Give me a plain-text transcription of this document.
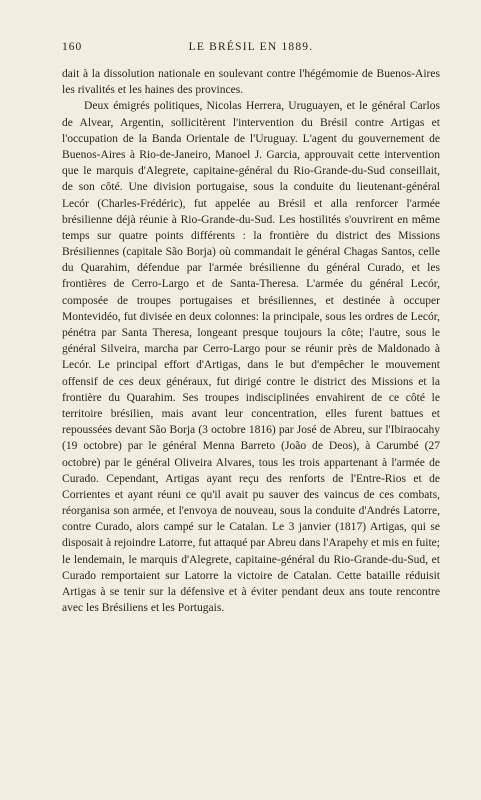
160	LE BRÉSIL EN 1889.

dait à la dissolution nationale en soulevant contre l'hégémomie de Buenos-Aires les rivalités et les haines des provinces.

Deux émigrés politiques, Nicolas Herrera, Uruguayen, et le général Carlos de Alvear, Argentin, sollicitèrent l'intervention du Brésil contre Artigas et l'occupation de la Banda Orientale de l'Uruguay. L'agent du gouvernement de Buenos-Aires à Rio-de-Janeiro, Manoel J. Garcia, approuvait cette intervention que le marquis d'Alegrete, capitaine-général du Rio-Grande-du-Sud conseillait, de son côté. Une division portugaise, sous la conduite du lieutenant-général Lecór (Charles-Frédéric), fut appelée au Brésil et alla renforcer l'armée brésilienne déjà réunie à Rio-Grande-du-Sud. Les hostilités s'ouvrirent en même temps sur quatre points différents : la frontière du district des Missions Brésiliennes (capitale São Borja) où commandait le général Chagas Santos, celle du Quarahim, défendue par l'armée brésilienne du général Curado, et les frontières de Cerro-Largo et de Santa-Theresa. L'armée du général Lecór, composée de troupes portugaises et brésiliennes, et destinée à occuper Montevidéo, fut divisée en deux colonnes: la principale, sous les ordres de Lecór, pénétra par Santa Theresa, longeant presque toujours la côte; l'autre, sous le général Silveira, marcha par Cerro-Largo pour se réunir près de Maldonado à Lecór. Le principal effort d'Artigas, dans le but d'empêcher le mouvement offensif de ces deux généraux, fut dirigé contre le district des Missions et la frontière du Quarahim. Ses troupes indisciplinées envahirent de ce côté le territoire brésilien, mais avant leur concentration, elles furent battues et repoussées devant São Borja (3 octobre 1816) par José de Abreu, sur l'Ibiraocahy (19 octobre) par le général Menna Barreto (João de Deos), à Carumbé (27 octobre) par le général Oliveira Alvares, tous les trois appartenant à l'armée de Curado. Cependant, Artigas ayant reçu des renforts de l'Entre-Rios et de Corrientes et ayant réuni ce qu'il avait pu sauver des vaincus de ces combats, réorganisa son armée, et l'envoya de nouveau, sous la conduite d'Andrés Latorre, contre Curado, alors campé sur le Catalan. Le 3 janvier (1817) Artigas, qui se disposait à rejoindre Latorre, fut attaqué par Abreu dans l'Arapehy et mis en fuite; le lendemain, le marquis d'Alegrete, capitaine-général du Rio-Grande-du-Sud, et Curado remportaient sur Latorre la victoire de Catalan. Cette bataille réduisit Artigas à se tenir sur la défensive et à éviter pendant deux ans toute rencontre avec les Brésiliens et les Portugais.
